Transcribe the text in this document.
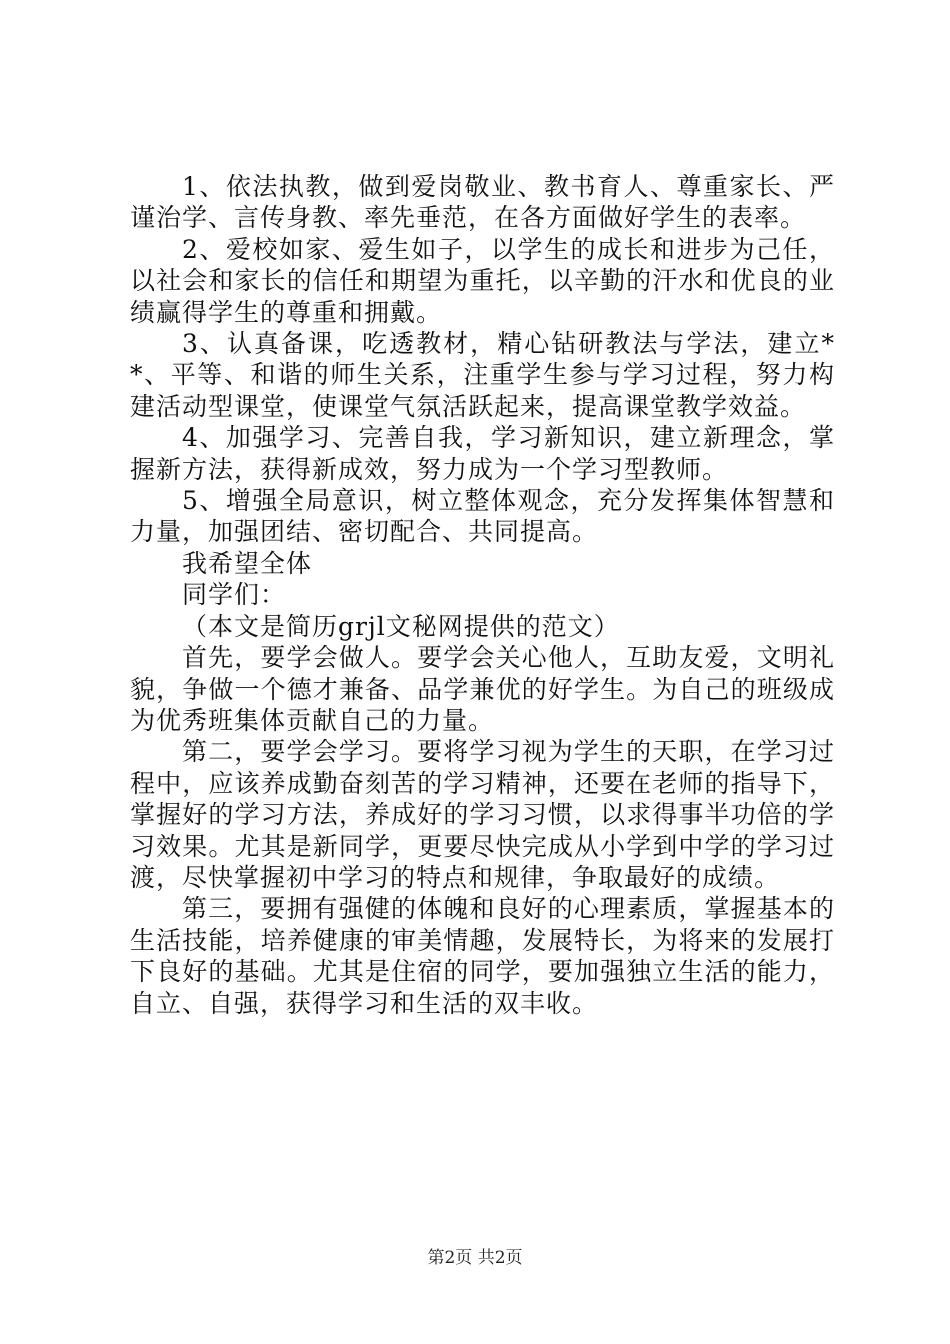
1、依法执教，做到爱岗敬业、教书育人、尊重家长、严谨治学、言传身教、率先垂范，在各方面做好学生的表率。

2、爱校如家、爱生如子，以学生的成长和进步为己任，以社会和家长的信任和期望为重托，以辛勤的汗水和优良的业绩赢得学生的尊重和拥戴。

3、认真备课，吃透教材，精心钻研教法与学法，建立**、平等、和谐的师生关系，注重学生参与学习过程，努力构建活动型课堂，使课堂气氛活跃起来，提高课堂教学效益。

4、加强学习、完善自我，学习新知识，建立新理念，掌握新方法，获得新成效，努力成为一个学习型教师。

5、增强全局意识，树立整体观念，充分发挥集体智慧和力量，加强团结、密切配合、共同提高。

我希望全体

同学们：

（本文是简历grjl文秘网提供的范文）

首先，要学会做人。要学会关心他人，互助友爱，文明礼貌，争做一个德才兼备、品学兼优的好学生。为自己的班级成为优秀班集体贡献自己的力量。

第二，要学会学习。要将学习视为学生的天职，在学习过程中，应该养成勤奋刻苦的学习精神，还要在老师的指导下，掌握好的学习方法，养成好的学习习惯，以求得事半功倍的学习效果。尤其是新同学，更要尽快完成从小学到中学的学习过渡，尽快掌握初中学习的特点和规律，争取最好的成绩。

第三，要拥有强健的体魄和良好的心理素质，掌握基本的生活技能，培养健康的审美情趣，发展特长，为将来的发展打下良好的基础。尤其是住宿的同学，要加强独立生活的能力，自立、自强，获得学习和生活的双丰收。

第2页 共2页
